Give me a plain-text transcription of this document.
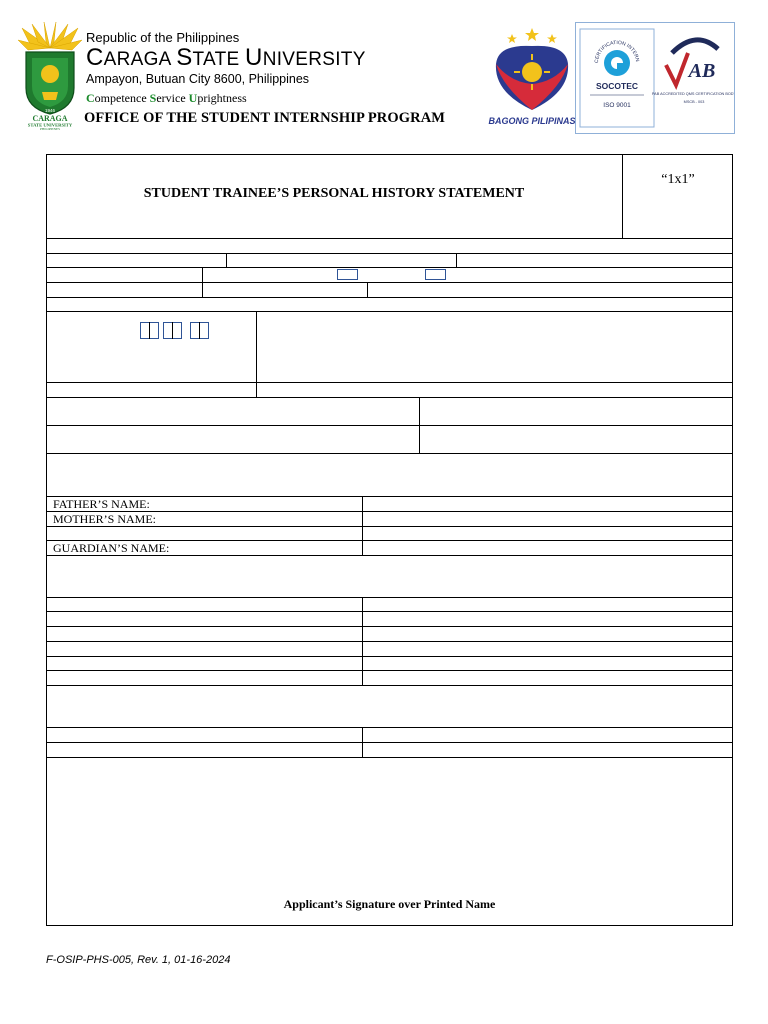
1946
CARAGA
STATE UNIVERSITY
PHILIPPINES
Republic of the Philippines
CARAGA STATE UNIVERSITY
Ampayon, Butuan City 8600, Philippines
Competence Service Uprightness
OFFICE OF THE STUDENT INTERNSHIP PROGRAM	BAGONG PILIPINAS
CERTIFICATION INTERN
SOCOTEC
ISO 9001
AB
PAB ACCREDITED QMS CERTIFICATION BODY
MSCB - 003
STUDENT TRAINEE’S PERSONAL HISTORY STATEMENT
“1x1”
FATHER’S NAME:
MOTHER’S NAME:
GUARDIAN’S NAME:
Applicant’s Signature over Printed Name
F-OSIP-PHS-005, Rev. 1, 01-16-2024
